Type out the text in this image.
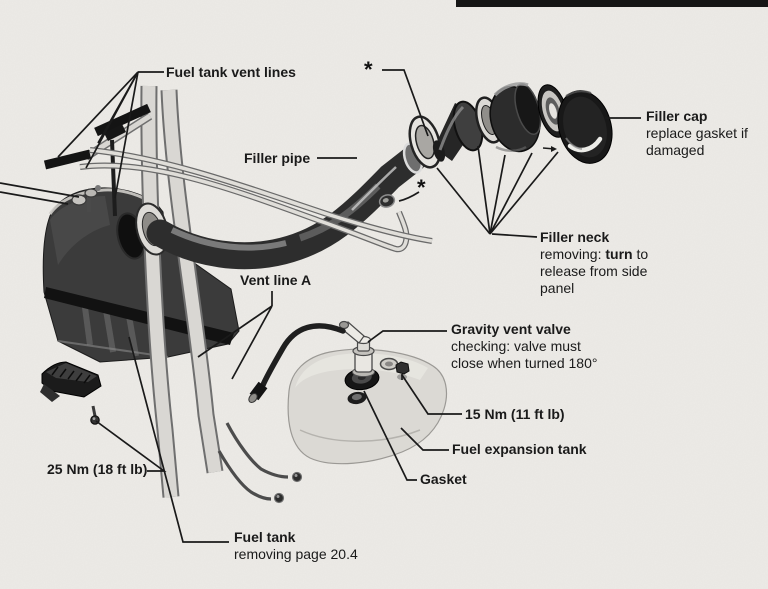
Fuel tank vent lines	*
Filler pipe
Filler cap
replace gasket if damaged
*
Filler neck
removing: turn to release from side panel
Vent line A
Gravity vent valve
checking: valve must close when turned 180°
15 Nm (11 ft lb)
Fuel expansion tank
Gasket
25 Nm (18 ft lb)
Fuel tank
removing page 20.4
